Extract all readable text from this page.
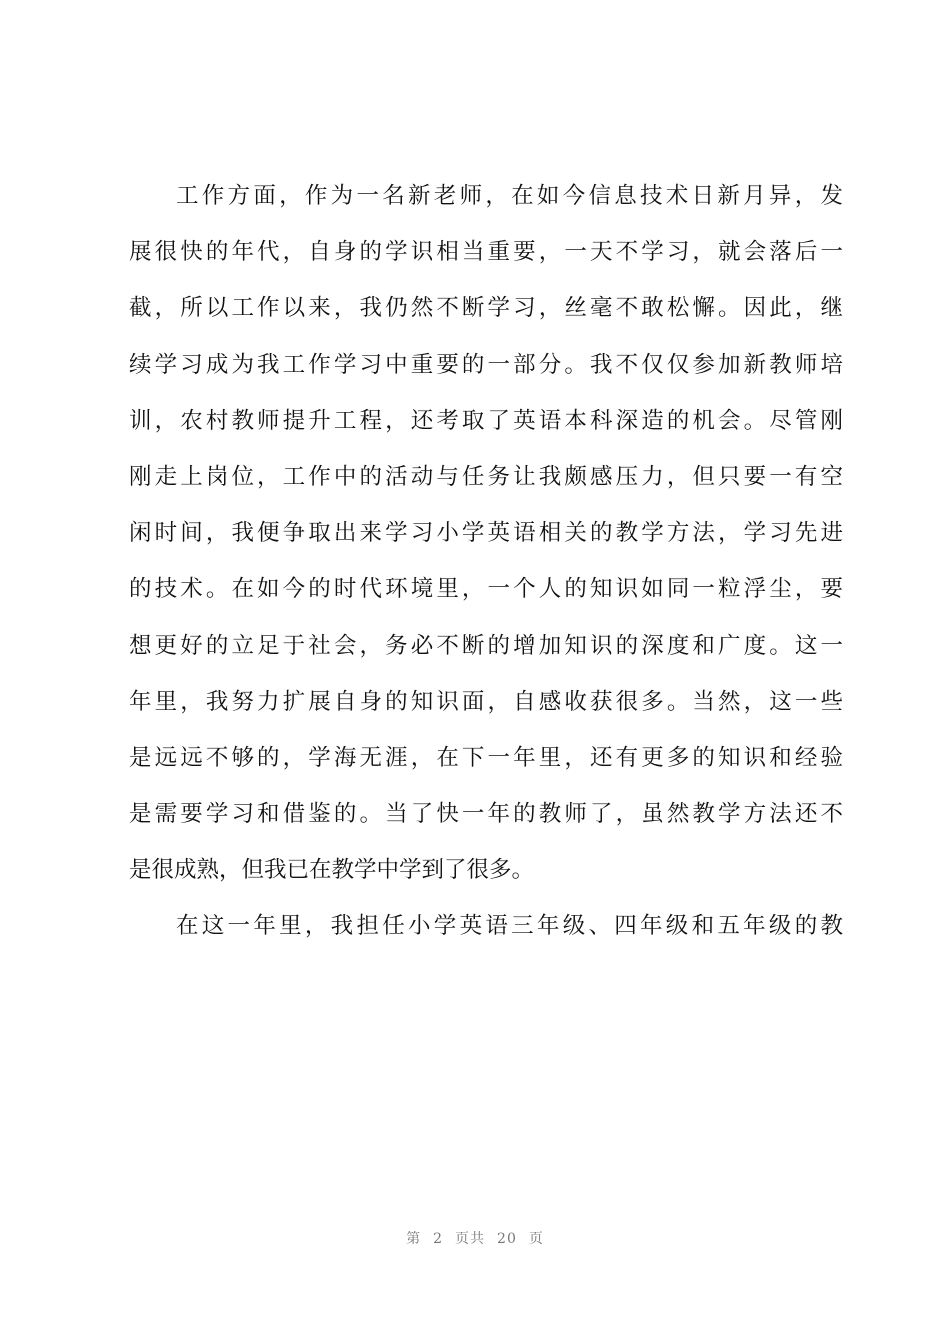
工作方面，作为一名新老师，在如今信息技术日新月异，发
展很快的年代，自身的学识相当重要，一天不学习，就会落后一
截，所以工作以来，我仍然不断学习，丝毫不敢松懈。因此，继
续学习成为我工作学习中重要的一部分。我不仅仅参加新教师培
训，农村教师提升工程，还考取了英语本科深造的机会。尽管刚
刚走上岗位，工作中的活动与任务让我颇感压力，但只要一有空
闲时间，我便争取出来学习小学英语相关的教学方法，学习先进
的技术。在如今的时代环境里，一个人的知识如同一粒浮尘，要
想更好的立足于社会，务必不断的增加知识的深度和广度。这一
年里，我努力扩展自身的知识面，自感收获很多。当然，这一些
是远远不够的，学海无涯，在下一年里，还有更多的知识和经验
是需要学习和借鉴的。当了快一年的教师了，虽然教学方法还不
是很成熟，但我已在教学中学到了很多。
在这一年里，我担任小学英语三年级、四年级和五年级的教
第 2 页共 20 页
